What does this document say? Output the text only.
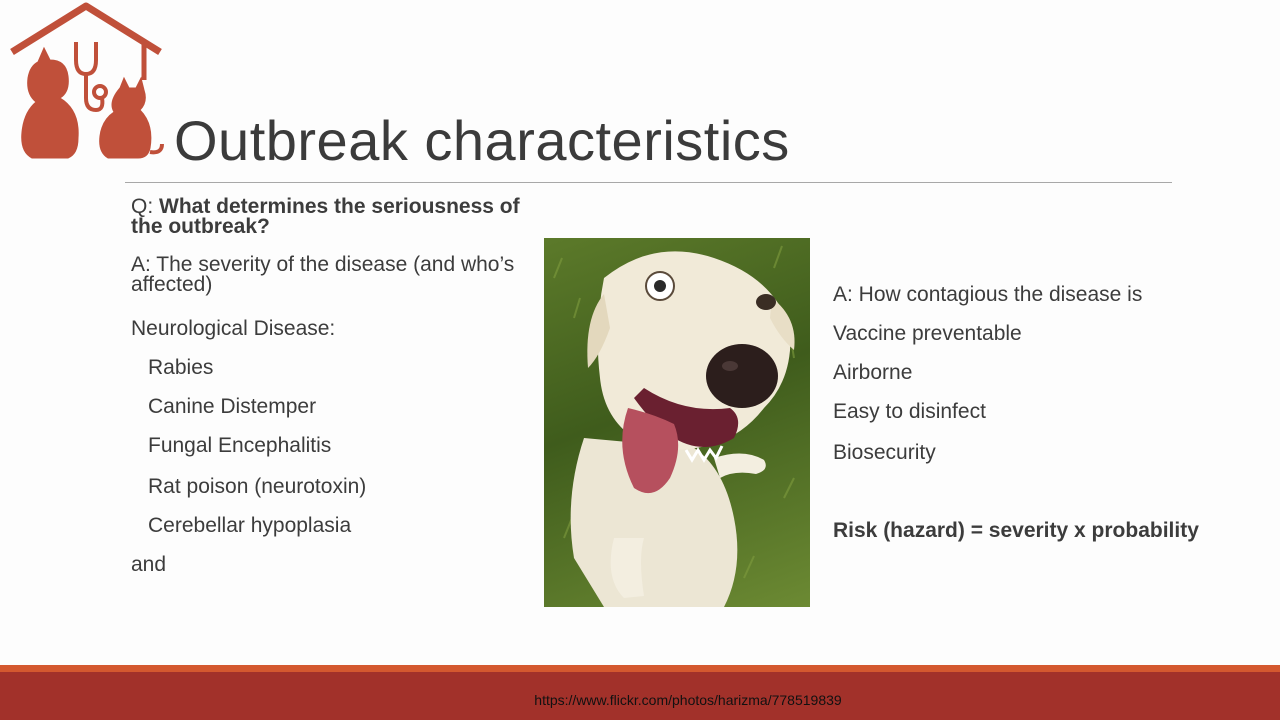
Outbreak characteristics

Q: What determines the seriousness of the outbreak?

A: The severity of the disease (and who’s affected)

Neurological Disease:
Rabies
Canine Distemper
Fungal Encephalitis
Rat poison (neurotoxin)
Cerebellar hypoplasia
and
A: How contagious the disease is
Vaccine preventable
Airborne
Easy to disinfect
Biosecurity
Risk (hazard) = severity x probability
https://www.flickr.com/photos/harizma/778519839
